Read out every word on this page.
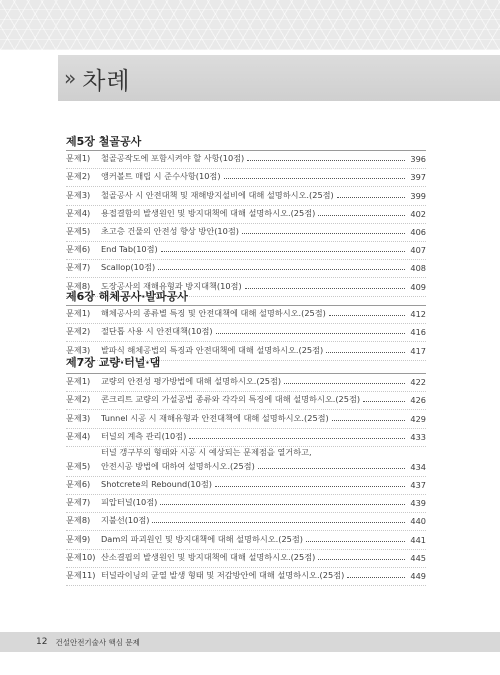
» 차례
제5장 철골공사
문제1)	철골공작도에 포함시켜야 할 사항(10점)	396
문제2)	앵커볼트 매립 시 준수사항(10점)	397
문제3)	철골공사 시 안전대책 및 재해방지설비에 대해 설명하시오.(25점)	399
문제4)	용접결함의 발생원인 및 방지대책에 대해 설명하시오.(25점)	402
문제5)	초고층 건물의 안전성 향상 방안(10점)	406
문제6)	End Tab(10점)	407
문제7)	Scallop(10점)	408
문제8)	도장공사의 재해유형과 방지대책(10점)	409
제6장 해체공사·발파공사
문제1)	해체공사의 종류별 특징 및 안전대책에 대해 설명하시오.(25점)	412
문제2)	절단톱 사용 시 안전대책(10점)	416
문제3)	발파식 해체공법의 특징과 안전대책에 대해 설명하시오.(25점)	417
제7장 교량·터널·댐
문제1)	교량의 안전성 평가방법에 대해 설명하시오.(25점)	422
문제2)	콘크리트 교량의 가설공법 종류와 각각의 특징에 대해 설명하시오.(25점)	426
문제3)	Tunnel 시공 시 재해유형과 안전대책에 대해 설명하시오.(25점)	429
문제4)	터널의 계측 관리(10점)	433
문제5)
터널 갱구부의 형태와 시공 시 예상되는 문제점을 열거하고,
안전시공 방법에 대하여 설명하시오.(25점)	434
문제6)	Shotcrete의 Rebound(10점)	437
문제7)	피압터널(10점)	439
문제8)	지불선(10점)	440
문제9)	Dam의 파괴원인 및 방지대책에 대해 설명하시오.(25점)	441
문제10) 산소결핍의 발생원인 및 방지대책에 대해 설명하시오.(25점)	445
문제11) 터널라이닝의 균열 발생 형태 및 저감방안에 대해 설명하시오.(25점)	449
12 건설안전기술사 핵심 문제
